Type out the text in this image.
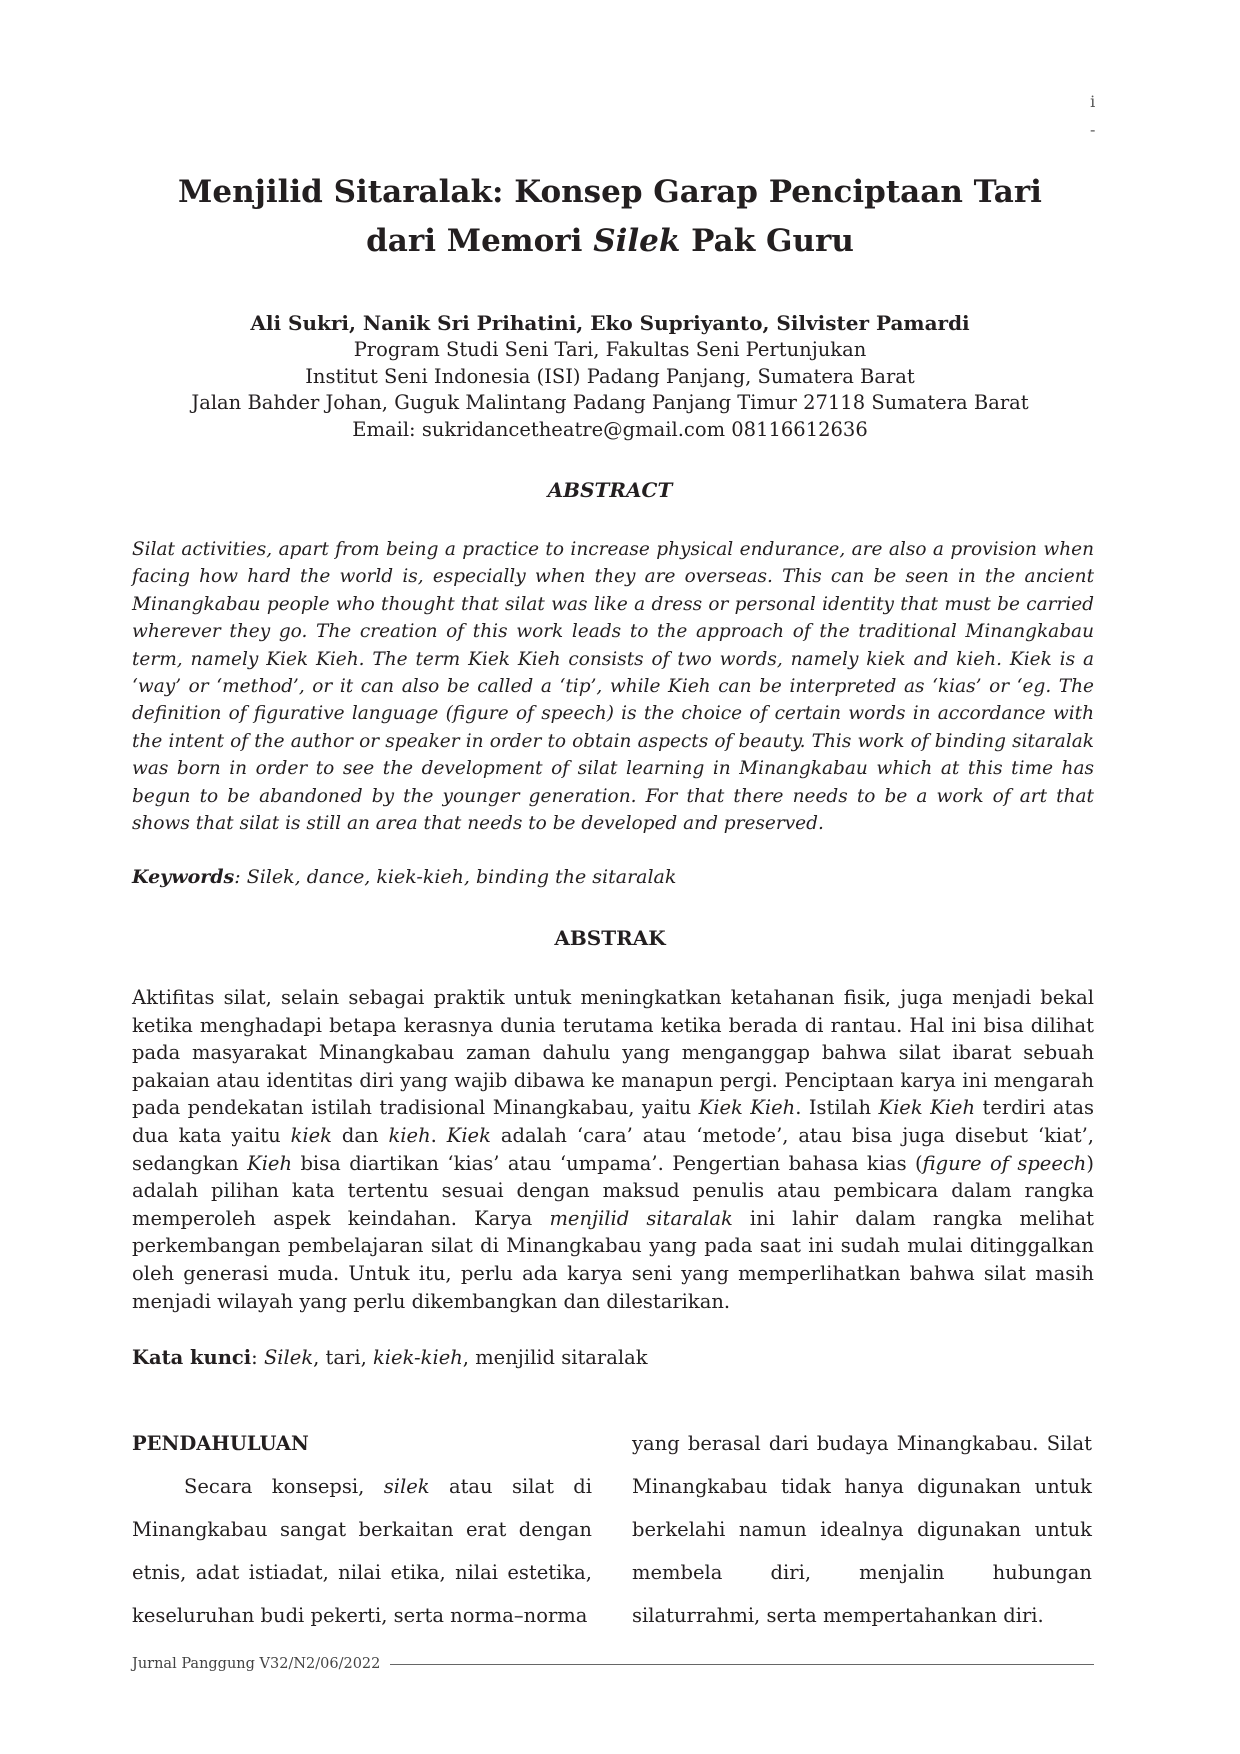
i
-
Menjilid Sitaralak: Konsep Garap Penciptaan Tari
dari Memori Silek Pak Guru
Ali Sukri, Nanik Sri Prihatini, Eko Supriyanto, Silvister Pamardi
Program Studi Seni Tari, Fakultas Seni Pertunjukan
Institut Seni Indonesia (ISI) Padang Panjang, Sumatera Barat
Jalan Bahder Johan, Guguk Malintang Padang Panjang Timur 27118 Sumatera Barat
Email: sukridancetheatre@gmail.com 08116612636
ABSTRACT

Silat activities, apart from being a practice to increase physical endurance, are also a provision when facing how hard the world is, especially when they are overseas. This can be seen in the ancient Minangkabau people who thought that silat was like a dress or personal identity that must be carried wherever they go. The creation of this work leads to the approach of the traditional Minangkabau term, namely Kiek Kieh. The term Kiek Kieh consists of two words, namely kiek and kieh. Kiek is a ‘way’ or ‘method’, or it can also be called a ‘tip’, while Kieh can be interpreted as ‘kias’ or ‘eg. The definition of figurative language (figure of speech) is the choice of certain words in accordance with the intent of the author or speaker in order to obtain aspects of beauty. This work of binding sitaralak was born in order to see the development of silat learning in Minangkabau which at this time has begun to be abandoned by the younger generation. For that there needs to be a work of art that shows that silat is still an area that needs to be developed and preserved.

Keywords: Silek, dance, kiek-kieh, binding the sitaralak
ABSTRAK

Aktifitas silat, selain sebagai praktik untuk meningkatkan ketahanan fisik, juga menjadi bekal ketika menghadapi betapa kerasnya dunia terutama ketika berada di rantau. Hal ini bisa dilihat pada masyarakat Minangkabau zaman dahulu yang menganggap bahwa silat ibarat sebuah pakaian atau identitas diri yang wajib dibawa ke manapun pergi. Penciptaan karya ini mengarah pada pendekatan istilah tradisional Minangkabau, yaitu Kiek Kieh. Istilah Kiek Kieh terdiri atas dua kata yaitu kiek dan kieh. Kiek adalah ‘cara’ atau ‘metode’, atau bisa juga disebut ‘kiat’, sedangkan Kieh bisa diartikan ‘kias’ atau ‘umpama’. Pengertian bahasa kias (figure of speech) adalah pilihan kata tertentu sesuai dengan maksud penulis atau pembicara dalam rangka memperoleh aspek keindahan. Karya menjilid sitaralak ini lahir dalam rangka melihat perkembangan pembelajaran silat di Minangkabau yang pada saat ini sudah mulai ditinggalkan oleh generasi muda. Untuk itu, perlu ada karya seni yang memperlihatkan bahwa silat masih menjadi wilayah yang perlu dikembangkan dan dilestarikan.

Kata kunci: Silek, tari, kiek-kieh, menjilid sitaralak
PENDAHULUAN

Secara konsepsi, silek atau silat di Minangkabau sangat berkaitan erat dengan etnis, adat istiadat, nilai etika, nilai estetika, keseluruhan budi pekerti, serta norma–norma

yang berasal dari budaya Minangkabau. Silat Minangkabau tidak hanya digunakan untuk berkelahi namun idealnya digunakan untuk membela diri, menjalin hubungan silaturrahmi, serta mempertahankan diri.

Jurnal Panggung V32/N2/06/2022
